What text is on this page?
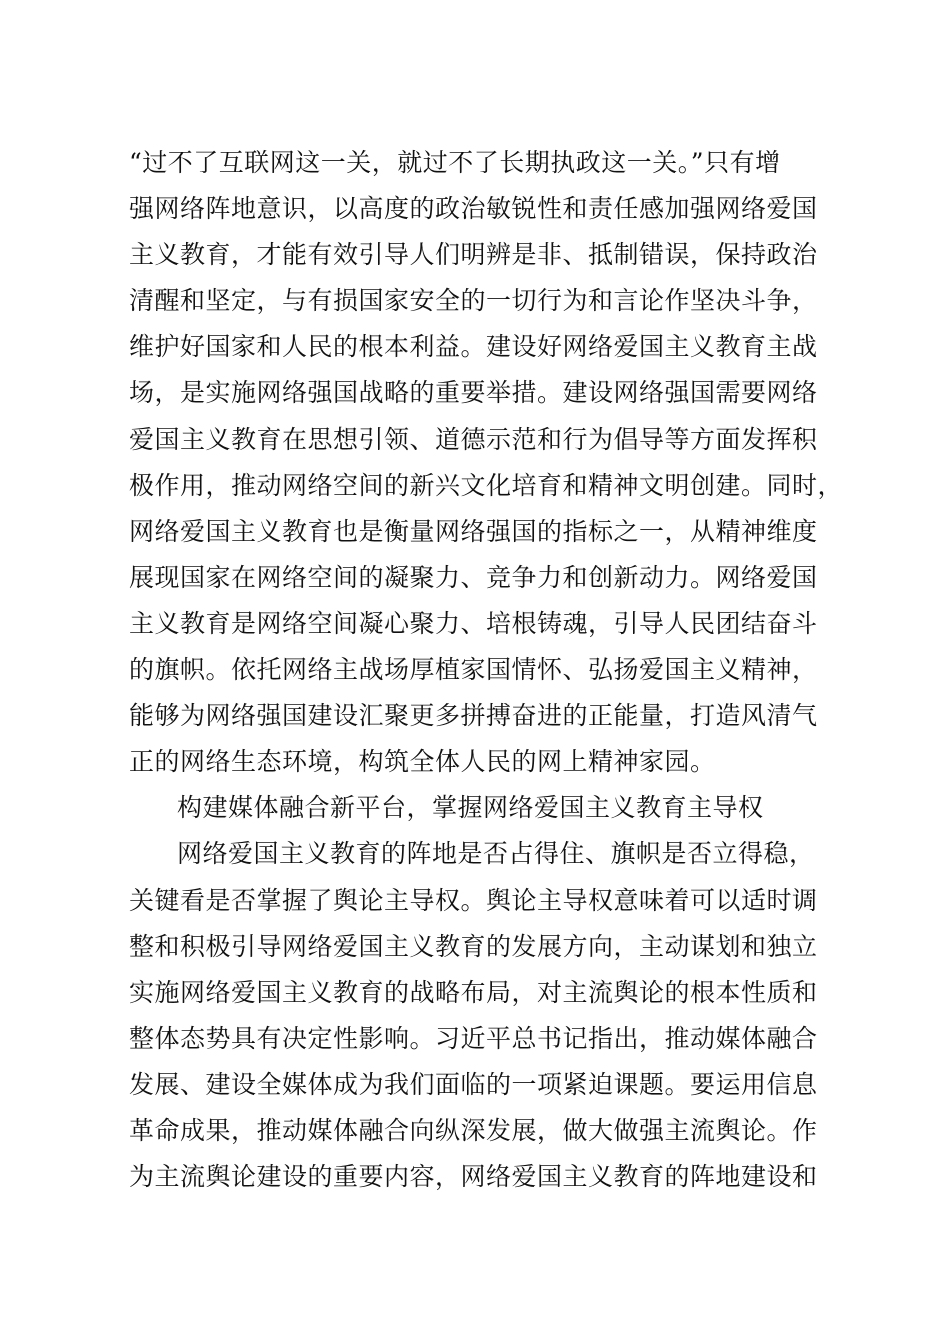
“过不了互联网这一关，就过不了长期执政这一关。”只有增
强网络阵地意识，以高度的政治敏锐性和责任感加强网络爱国
主义教育，才能有效引导人们明辨是非、抵制错误，保持政治
清醒和坚定，与有损国家安全的一切行为和言论作坚决斗争，
维护好国家和人民的根本利益。建设好网络爱国主义教育主战
场，是实施网络强国战略的重要举措。建设网络强国需要网络
爱国主义教育在思想引领、道德示范和行为倡导等方面发挥积
极作用，推动网络空间的新兴文化培育和精神文明创建。同时，
网络爱国主义教育也是衡量网络强国的指标之一，从精神维度
展现国家在网络空间的凝聚力、竞争力和创新动力。网络爱国
主义教育是网络空间凝心聚力、培根铸魂，引导人民团结奋斗
的旗帜。依托网络主战场厚植家国情怀、弘扬爱国主义精神，
能够为网络强国建设汇聚更多拼搏奋进的正能量，打造风清气
正的网络生态环境，构筑全体人民的网上精神家园。
构建媒体融合新平台，掌握网络爱国主义教育主导权
网络爱国主义教育的阵地是否占得住、旗帜是否立得稳，
关键看是否掌握了舆论主导权。舆论主导权意味着可以适时调
整和积极引导网络爱国主义教育的发展方向，主动谋划和独立
实施网络爱国主义教育的战略布局，对主流舆论的根本性质和
整体态势具有决定性影响。习近平总书记指出，推动媒体融合
发展、建设全媒体成为我们面临的一项紧迫课题。要运用信息
革命成果，推动媒体融合向纵深发展，做大做强主流舆论。作
为主流舆论建设的重要内容，网络爱国主义教育的阵地建设和
